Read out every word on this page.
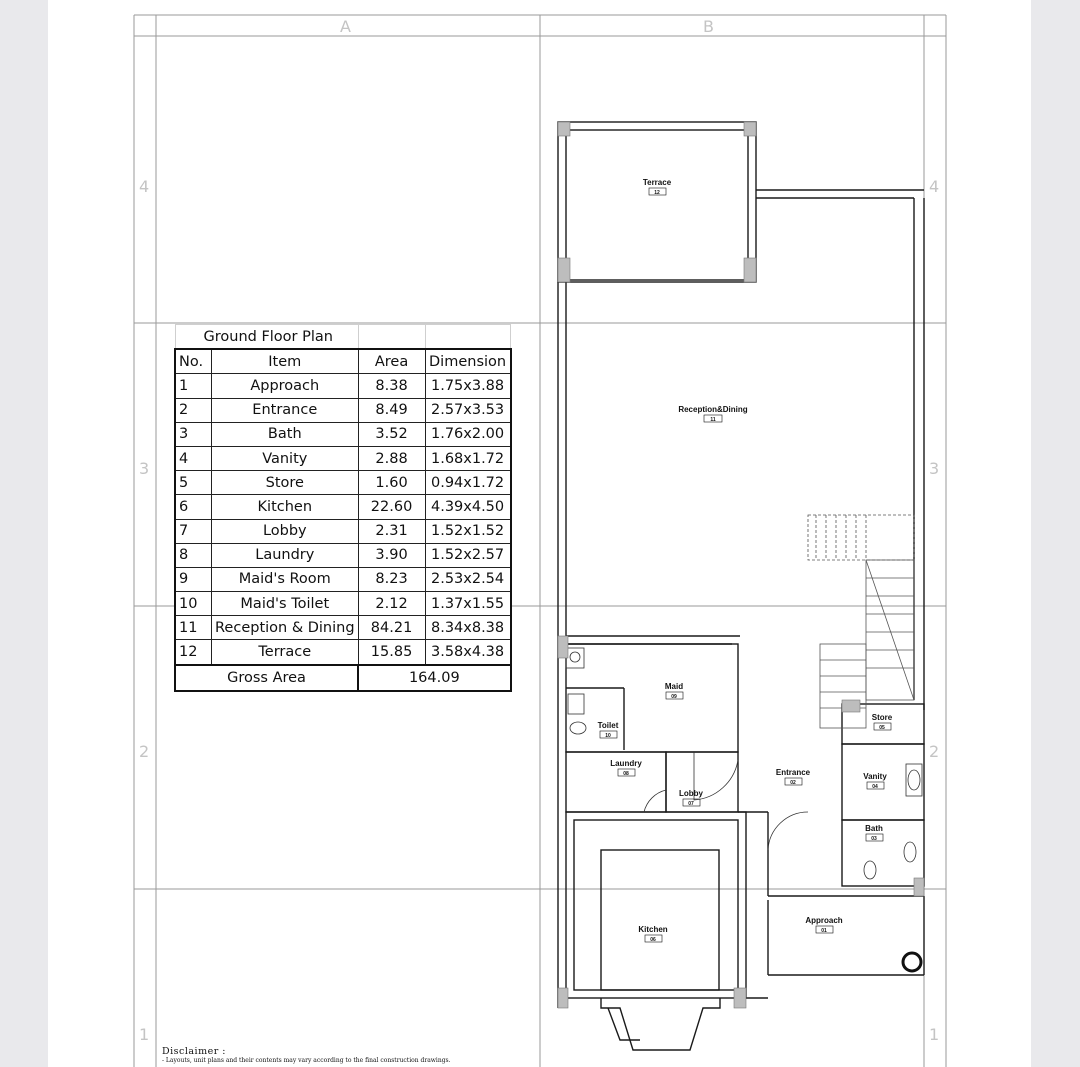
A	B
4	4
3	3
2	2
1	1
Terrace
12
Reception&Dining
11
Maid
09
Toilet
10
Laundry
08
Lobby
07
Kitchen
06
Store
05
Entrance
02
Vanity
04
Bath
03
Approach
01
Ground Floor Plan			
No.	Item	Area	Dimension
1	Approach	8.38	1.75x3.88
2	Entrance	8.49	2.57x3.53
3	Bath	3.52	1.76x2.00
4	Vanity	2.88	1.68x1.72
5	Store	1.60	0.94x1.72
6	Kitchen	22.60	4.39x4.50
7	Lobby	2.31	1.52x1.52
8	Laundry	3.90	1.52x2.57
9	Maid's Room	8.23	2.53x2.54
10	Maid's Toilet	2.12	1.37x1.55
11	Reception & Dining	84.21	8.34x8.38
12	Terrace	15.85	3.58x4.38
Gross Area		164.09	
Disclaimer :
- Layouts, unit plans and their contents may vary according to the final construction drawings.
